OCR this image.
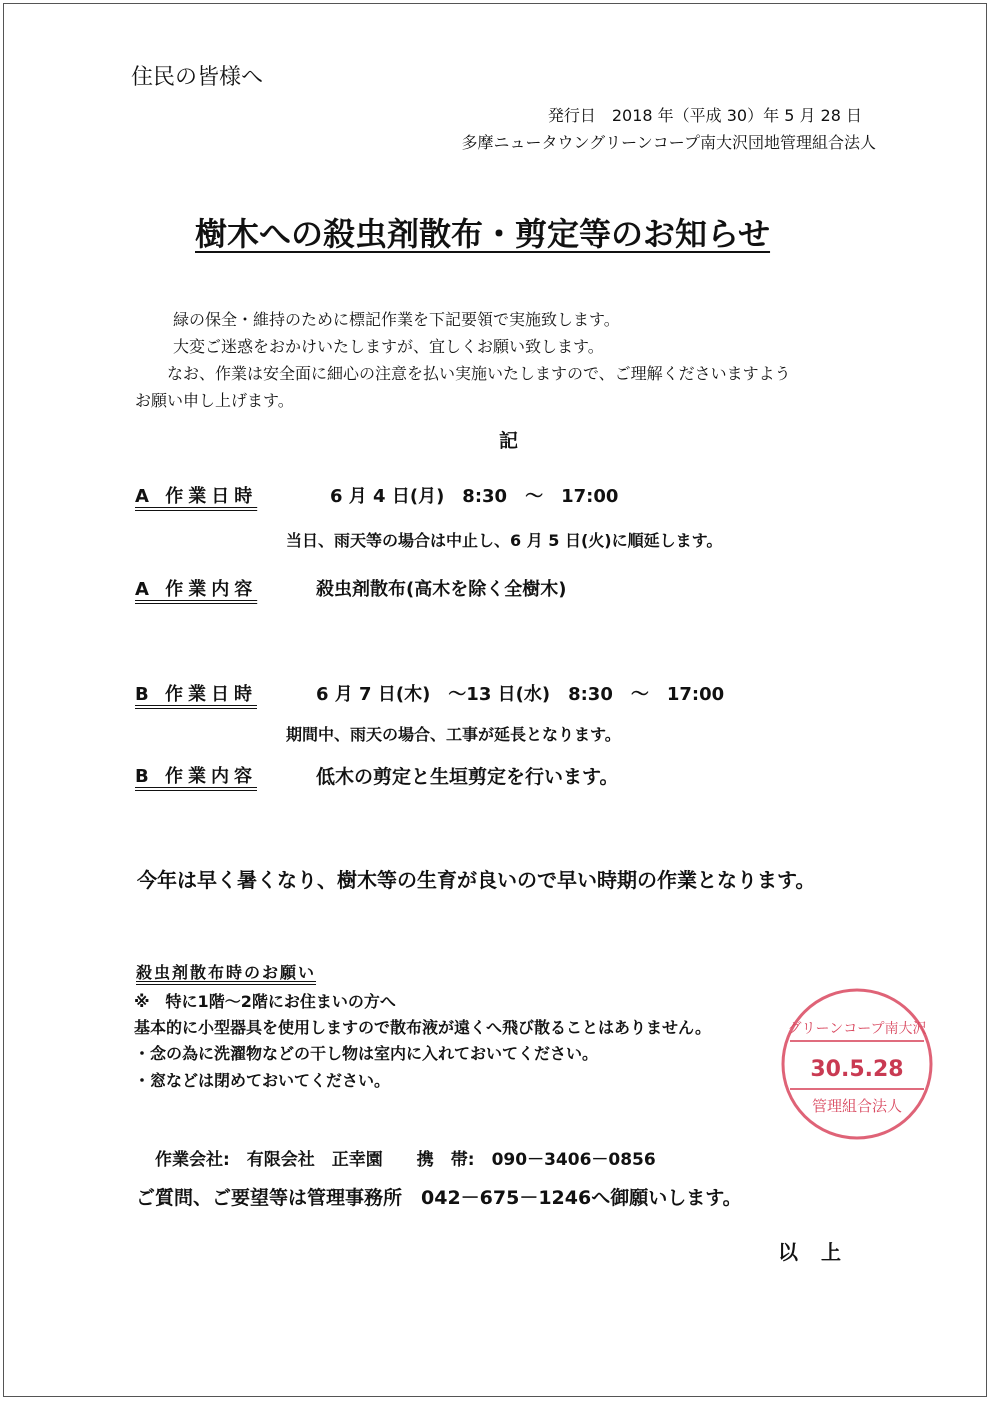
住民の皆様へ
発行日　2018 年（平成 30）年 5 月 28 日
多摩ニュータウングリーンコープ南大沢団地管理組合法人
樹木への殺虫剤散布・剪定等のお知らせ
緑の保全・維持のために標記作業を下記要領で実施致します。
大変ご迷惑をおかけいたしますが、宜しくお願い致します。
なお、作業は安全面に細心の注意を払い実施いたしますので、ご理解くださいますよう
お願い申し上げます。
記
A 作業日時	6 月 4 日(月)　8:30　～　17:00
当日、雨天等の場合は中止し、6 月 5 日(火)に順延します。
A 作業内容	殺虫剤散布(高木を除く全樹木)
B 作業日時	6 月 7 日(木)　～13 日(水)　8:30　～　17:00
期間中、雨天の場合、工事が延長となります。
B 作業内容	低木の剪定と生垣剪定を行います。
今年は早く暑くなり、樹木等の生育が良いので早い時期の作業となります。
殺虫剤散布時のお願い
※　特に1階～2階にお住まいの方へ
基本的に小型器具を使用しますので散布液が遠くへ飛び散ることはありません。
・念の為に洗濯物などの干し物は室内に入れておいてください。
・窓などは閉めておいてください。
作業会社:　有限会社　正幸園　　携　帯:　090－3406－0856
ご質問、ご要望等は管理事務所　042－675－1246へ御願いします。
以 上
グリーンコープ南大沢
30.5.28
管理組合法人
